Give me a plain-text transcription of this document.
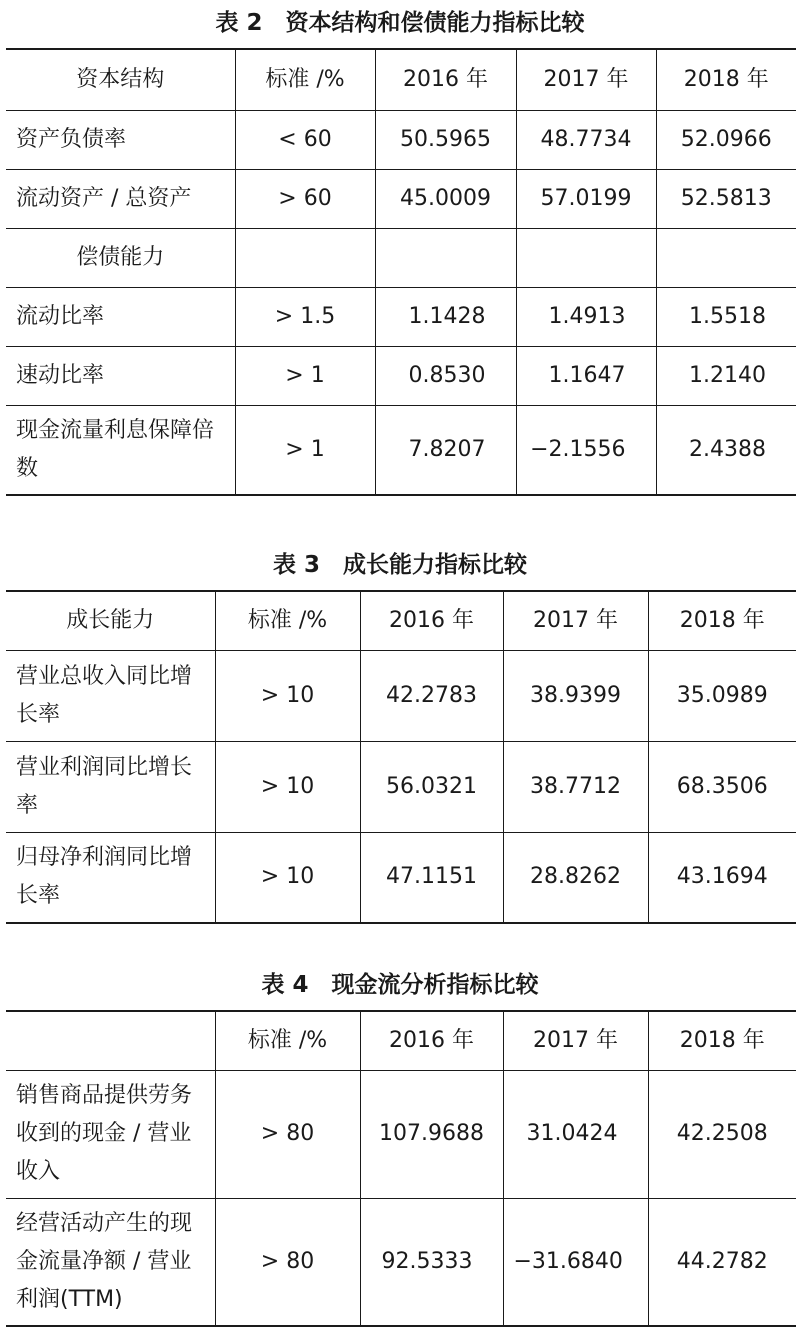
表 2　资本结构和偿债能力指标比较
资本结构	标准 /%	2016 年	2017 年	2018 年
资产负债率	< 60	50.5965	48.7734	52.0966
流动资产 / 总资产	> 60	45.0009	57.0199	52.5813
偿债能力				
流动比率	> 1.5	1.1428	1.4913	1.5518
速动比率	> 1	0.8530	1.1647	1.2140
现金流量利息保障倍数	> 1	7.8207	−2.1556	2.4388
表 3　成长能力指标比较
成长能力	标准 /%	2016 年	2017 年	2018 年
营业总收入同比增长率	> 10	42.2783	38.9399	35.0989
营业利润同比增长率	> 10	56.0321	38.7712	68.3506
归母净利润同比增长率	> 10	47.1151	28.8262	43.1694
表 4　现金流分析指标比较
	标准 /%	2016 年	2017 年	2018 年
销售商品提供劳务收到的现金 / 营业收入	> 80	107.9688	31.0424	42.2508
经营活动产生的现金流量净额 / 营业利润(TTM)	> 80	92.5333	−31.6840	44.2782
